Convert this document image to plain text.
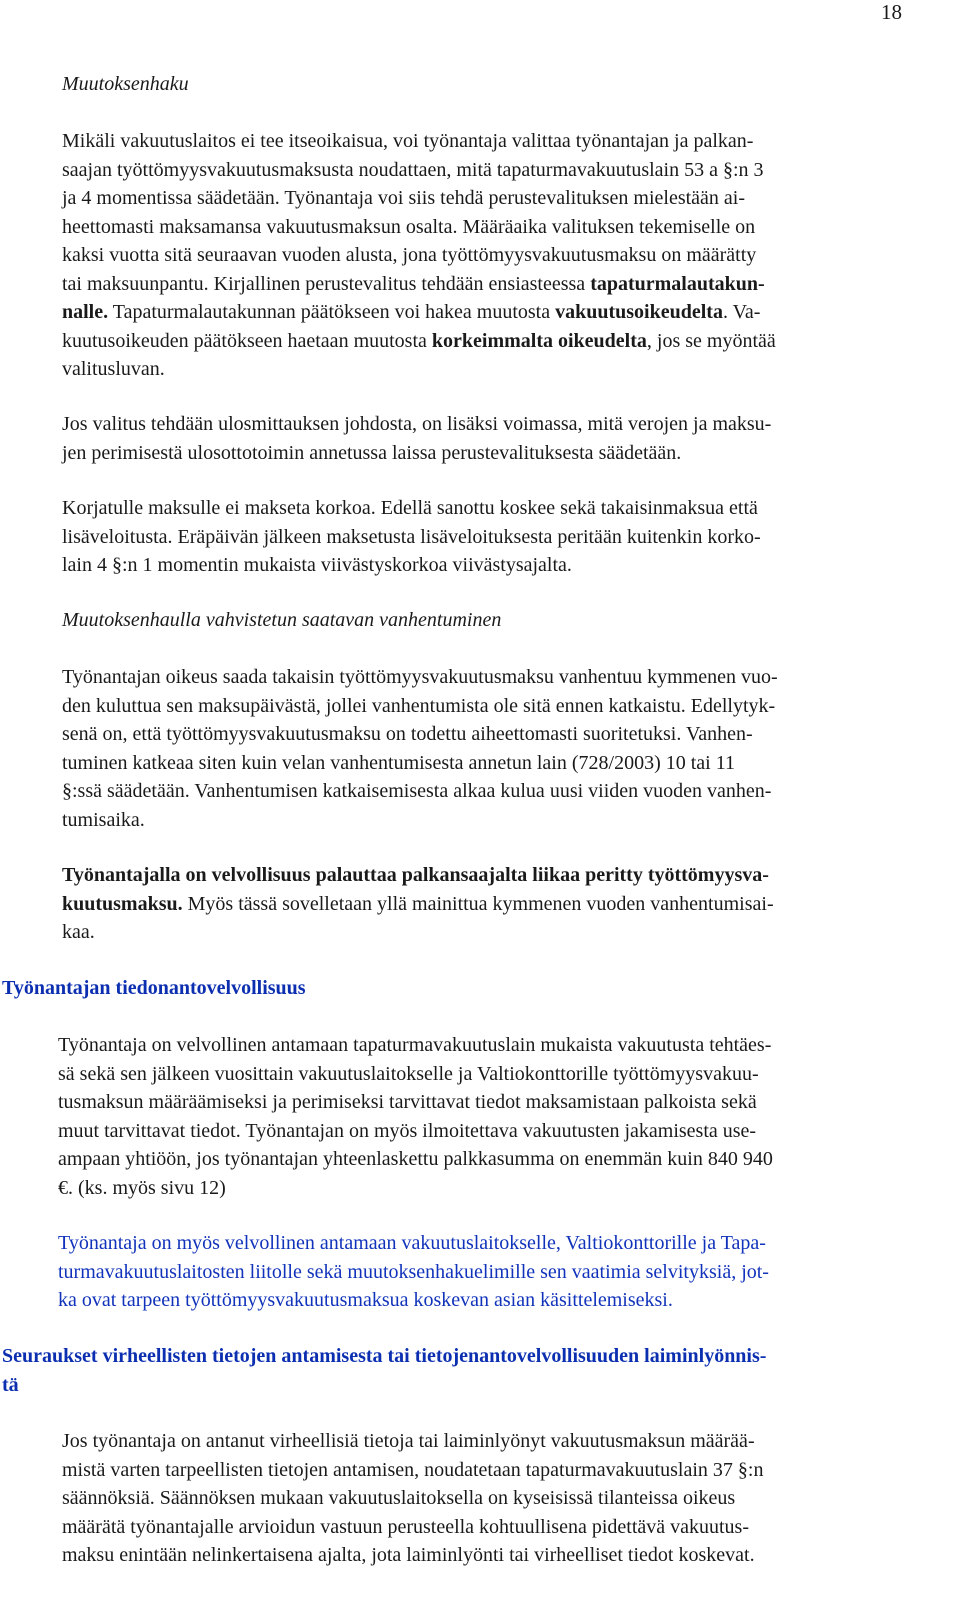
18
Muutoksenhaku
Mikäli vakuutuslaitos ei tee itseoikaisua, voi työnantaja valittaa työnantajan ja palkan-
saajan työttömyysvakuutusmaksusta noudattaen, mitä tapaturmavakuutuslain 53 a §:n 3
ja 4 momentissa säädetään. Työnantaja voi siis tehdä perustevalituksen mielestään ai-
heettomasti maksamansa vakuutusmaksun osalta. Määräaika valituksen tekemiselle on
kaksi vuotta sitä seuraavan vuoden alusta, jona työttömyysvakuutusmaksu on määrätty
tai maksuunpantu. Kirjallinen perustevalitus tehdään ensiasteessa tapaturmalautakun-
nalle. Tapaturmalautakunnan päätökseen voi hakea muutosta vakuutusoikeudelta. Va-
kuutusoikeuden päätökseen haetaan muutosta korkeimmalta oikeudelta, jos se myöntää
valitusluvan.
Jos valitus tehdään ulosmittauksen johdosta, on lisäksi voimassa, mitä verojen ja maksu-
jen perimisestä ulosottotoimin annetussa laissa perustevalituksesta säädetään.
Korjatulle maksulle ei makseta korkoa. Edellä sanottu koskee sekä takaisinmaksua että
lisäveloitusta. Eräpäivän jälkeen maksetusta lisäveloituksesta peritään kuitenkin korko-
lain 4 §:n 1 momentin mukaista viivästyskorkoa viivästysajalta.
Muutoksenhaulla vahvistetun saatavan vanhentuminen
Työnantajan oikeus saada takaisin työttömyysvakuutusmaksu vanhentuu kymmenen vuo-
den kuluttua sen maksupäivästä, jollei vanhentumista ole sitä ennen katkaistu. Edellytyk-
senä on, että työttömyysvakuutusmaksu on todettu aiheettomasti suoritetuksi. Vanhen-
tuminen katkeaa siten kuin velan vanhentumisesta annetun lain (728/2003) 10 tai 11
§:ssä säädetään. Vanhentumisen katkaisemisesta alkaa kulua uusi viiden vuoden vanhen-
tumisaika.
Työnantajalla on velvollisuus palauttaa palkansaajalta liikaa peritty työttömyysva-
kuutusmaksu. Myös tässä sovelletaan yllä mainittua kymmenen vuoden vanhentumisai-
kaa.
Työnantajan tiedonantovelvollisuus
Työnantaja on velvollinen antamaan tapaturmavakuutuslain mukaista vakuutusta tehtäes-
sä sekä sen jälkeen vuosittain vakuutuslaitokselle ja Valtiokonttorille työttömyysvakuu-
tusmaksun määräämiseksi ja perimiseksi tarvittavat tiedot maksamistaan palkoista sekä
muut tarvittavat tiedot. Työnantajan on myös ilmoitettava vakuutusten jakamisesta use-
ampaan yhtiöön, jos työnantajan yhteenlaskettu palkkasumma on enemmän kuin 840 940
€. (ks. myös sivu 12)
Työnantaja on myös velvollinen antamaan vakuutuslaitokselle, Valtiokonttorille ja Tapa-
turmavakuutuslaitosten liitolle sekä muutoksenhakuelimille sen vaatimia selvityksiä, jot-
ka ovat tarpeen työttömyysvakuutusmaksua koskevan asian käsittelemiseksi.
Seuraukset virheellisten tietojen antamisesta tai tietojenantovelvollisuuden laiminlyönnis-
tä
Jos työnantaja on antanut virheellisiä tietoja tai laiminlyönyt vakuutusmaksun määrää-
mistä varten tarpeellisten tietojen antamisen, noudatetaan tapaturmavakuutuslain 37 §:n
säännöksiä. Säännöksen mukaan vakuutuslaitoksella on kyseisissä tilanteissa oikeus
määrätä työnantajalle arvioidun vastuun perusteella kohtuullisena pidettävä vakuutus-
maksu enintään nelinkertaisena ajalta, jota laiminlyönti tai virheelliset tiedot koskevat.
